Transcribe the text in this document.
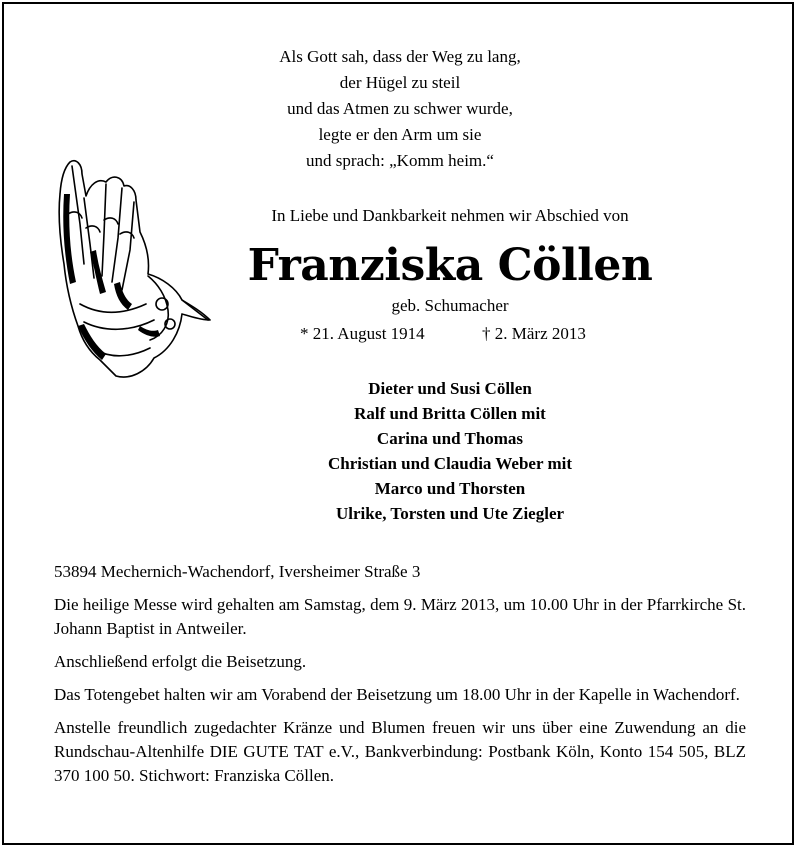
Als Gott sah, dass der Weg zu lang,
der Hügel zu steil
und das Atmen zu schwer wurde,
legte er den Arm um sie
und sprach: „Komm heim.“
In Liebe und Dankbarkeit nehmen wir Abschied von
Franziska Cöllen
geb. Schumacher
* 21. August 1914	† 2. März 2013
Dieter und Susi Cöllen
Ralf und Britta Cöllen mit
Carina und Thomas
Christian und Claudia Weber mit
Marco und Thorsten
Ulrike, Torsten und Ute Ziegler

53894 Mechernich-Wachendorf, Iversheimer Straße 3

Die heilige Messe wird gehalten am Samstag, dem 9. März 2013, um 10.00 Uhr in der Pfarrkirche St. Johann Baptist in Antweiler.

Anschließend erfolgt die Beisetzung.

Das Totengebet halten wir am Vorabend der Beisetzung um 18.00 Uhr in der Kapelle in Wachendorf.

Anstelle freundlich zugedachter Kränze und Blumen freuen wir uns über eine Zuwendung an die Rundschau-Altenhilfe DIE GUTE TAT e.V., Bankverbindung: Postbank Köln, Konto 154 505, BLZ 370 100 50. Stichwort: Franziska Cöllen.
